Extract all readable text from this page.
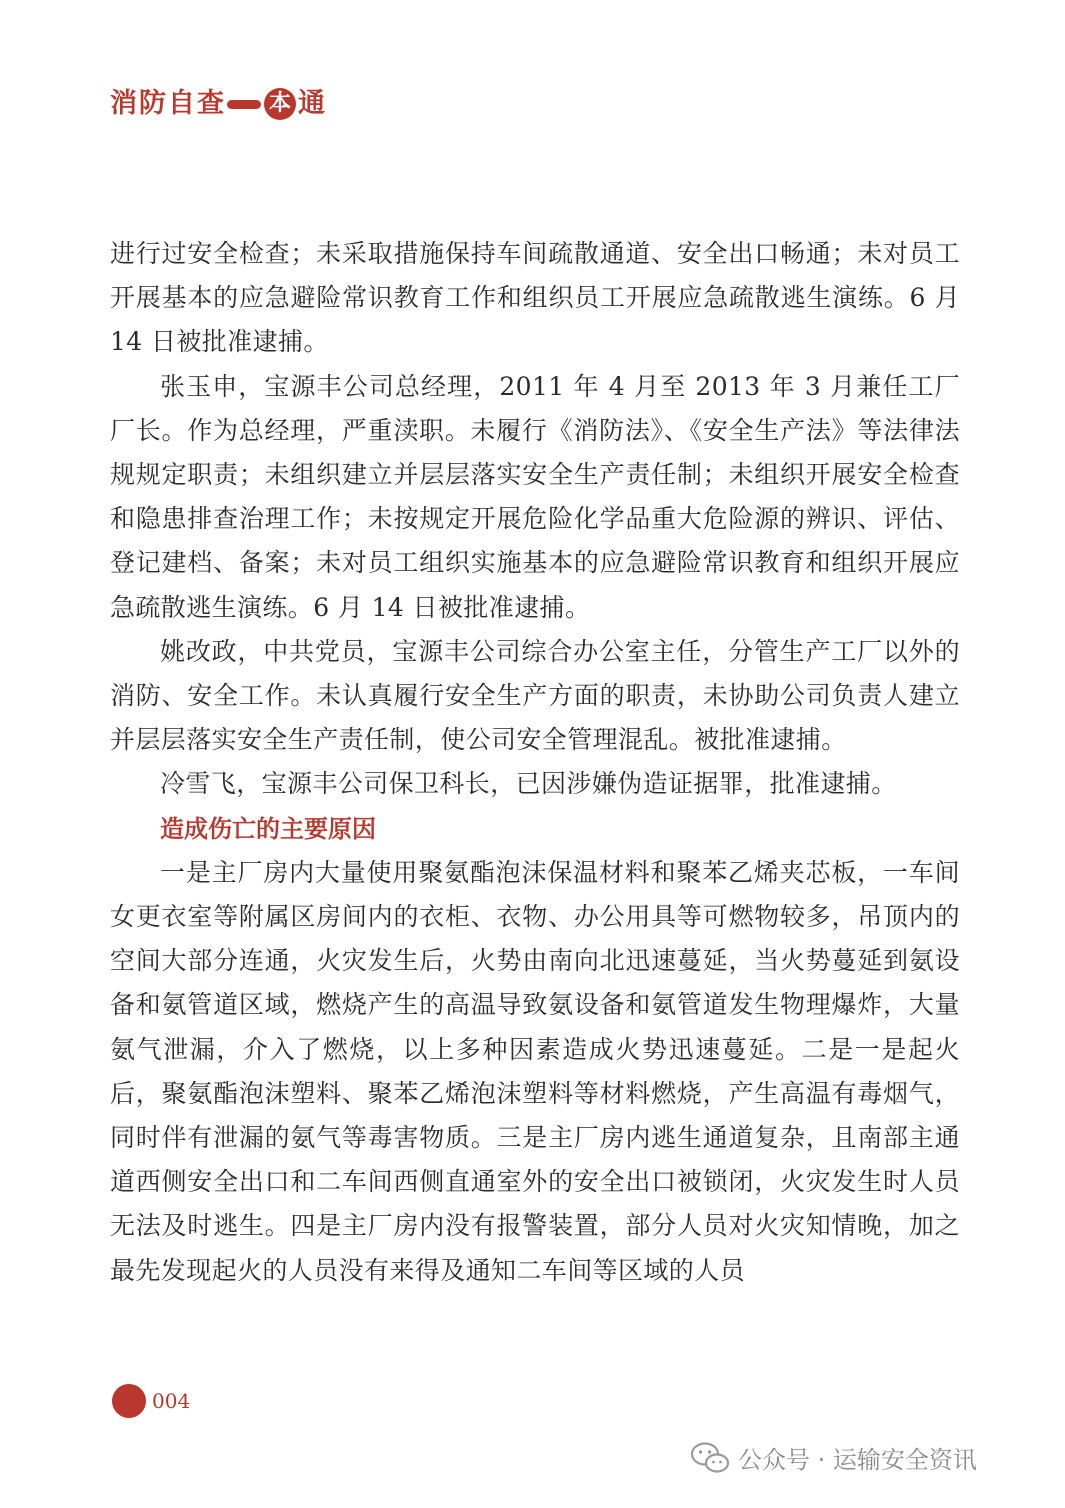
消 防 自 查 本 通

进行过安全检查；未采取措施保持车间疏散通道、安全出口畅通；未对员工开展基本的应急避险常识教育工作和组织员工开展应急疏散逃生演练。6 月 14 日被批准逮捕。

张玉申，宝源丰公司总经理，2011 年 4 月至 2013 年 3 月兼任工厂厂长。作为总经理，严重渎职。未履行《消防法》、《安全生产法》等法律法规规定职责；未组织建立并层层落实安全生产责任制；未组织开展安全检查和隐患排查治理工作；未按规定开展危险化学品重大危险源的辨识、评估、登记建档、备案；未对员工组织实施基本的应急避险常识教育和组织开展应急疏散逃生演练。6 月 14 日被批准逮捕。

姚改政，中共党员，宝源丰公司综合办公室主任，分管生产工厂以外的消防、安全工作。未认真履行安全生产方面的职责，未协助公司负责人建立并层层落实安全生产责任制，使公司安全管理混乱。被批准逮捕。

冷雪飞，宝源丰公司保卫科长，已因涉嫌伪造证据罪，批准逮捕。

造成伤亡的主要原因

一是主厂房内大量使用聚氨酯泡沫保温材料和聚苯乙烯夹芯板，一车间女更衣室等附属区房间内的衣柜、衣物、办公用具等可燃物较多，吊顶内的空间大部分连通，火灾发生后，火势由南向北迅速蔓延，当火势蔓延到氨设备和氨管道区域，燃烧产生的高温导致氨设备和氨管道发生物理爆炸，大量氨气泄漏，介入了燃烧，以上多种因素造成火势迅速蔓延。二是一是起火后，聚氨酯泡沫塑料、聚苯乙烯泡沫塑料等材料燃烧，产生高温有毒烟气，同时伴有泄漏的氨气等毒害物质。三是主厂房内逃生通道复杂，且南部主通道西侧安全出口和二车间西侧直通室外的安全出口被锁闭，火灾发生时人员无法及时逃生。四是主厂房内没有报警装置，部分人员对火灾知情晚，加之最先发现起火的人员没有来得及通知二车间等区域的人员

004
公众号 · 运输安全资讯
